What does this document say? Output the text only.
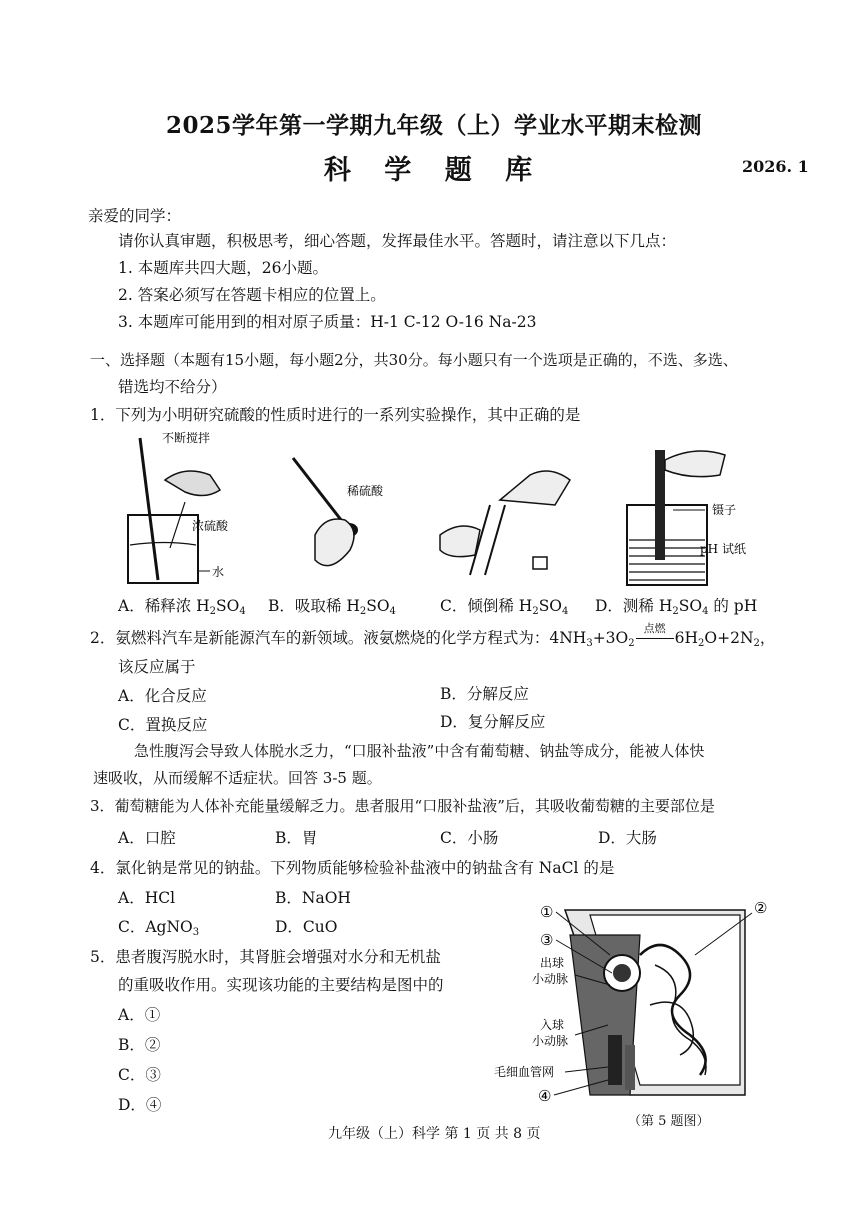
2025学年第一学期九年级（上）学业水平期末检测
科 学 题 库	2026. 1
亲爱的同学：
请你认真审题，积极思考，细心答题，发挥最佳水平。答题时，请注意以下几点：
1. 本题库共四大题，26小题。
2. 答案必须写在答题卡相应的位置上。
3. 本题库可能用到的相对原子质量：H-1 C-12 O-16 Na-23
一、选择题（本题有15小题，每小题2分，共30分。每小题只有一个选项是正确的，不选、多选、
错选均不给分）
1．下列为小明研究硫酸的性质时进行的一系列实验操作，其中正确的是
不断搅拌
浓硫酸
水
稀硫酸
镊子
pH 试纸
A．稀释浓 $H_2SO_4$ B．吸取稀 $H_2SO_4$	C．倾倒稀 $H_2SO_4$ D．测稀 $H_2SO_4$ 的 pH
2．氨燃料汽车是新能源汽车的新领域。液氨燃烧的化学方程式为：$4NH_3+3O_2$
点燃
$6H_2O+2N_2$，
该反应属于
A．化合反应	B．分解反应
C．置换反应	D．复分解反应
急性腹泻会导致人体脱水乏力，“口服补盐液”中含有葡萄糖、钠盐等成分，能被人体快
速吸收，从而缓解不适症状。回答 3-5 题。
3．葡萄糖能为人体补充能量缓解乏力。患者服用“口服补盐液”后，其吸收葡萄糖的主要部位是
A．口腔	B．胃	C．小肠	D．大肠
4．氯化钠是常见的钠盐。下列物质能够检验补盐液中的钠盐含有 NaCl 的是
A．HCl	B．NaOH
C．AgNO$_3$	D．CuO
5．患者腹泻脱水时，其肾脏会增强对水分和无机盐
的重吸收作用。实现该功能的主要结构是图中的
A．①
B．②
C．③
D．④
①	②
③
出球
小动脉
入球
小动脉
毛细血管网
④
（第 5 题图）
九年级（上）科学 第 1 页 共 8 页
